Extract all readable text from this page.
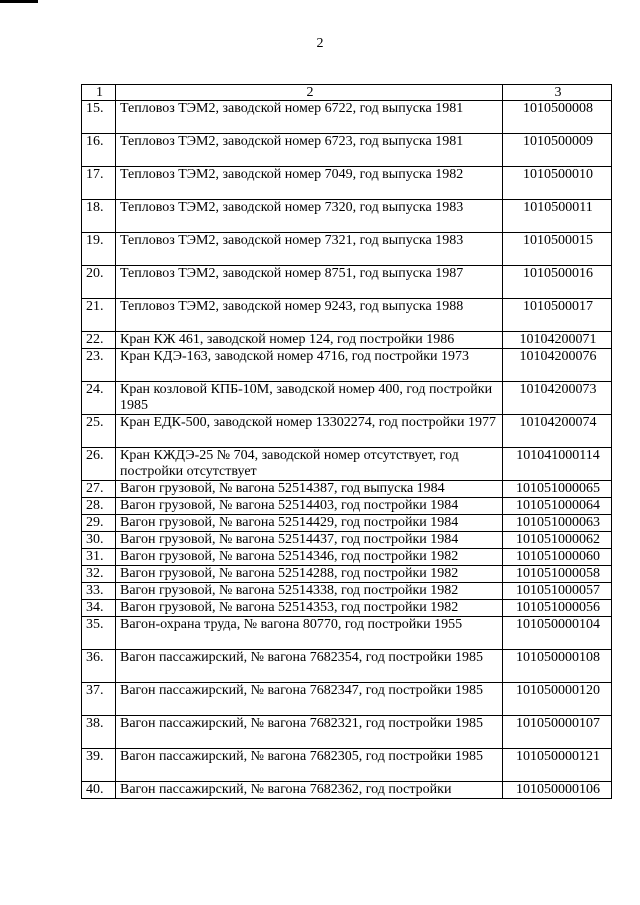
2
1	2	3
15.	Тепловоз ТЭМ2, заводской номер 6722, год выпуска 1981	1010500008
16.	Тепловоз ТЭМ2, заводской номер 6723, год выпуска 1981	1010500009
17.	Тепловоз ТЭМ2, заводской номер 7049, год выпуска 1982	1010500010
18.	Тепловоз ТЭМ2, заводской номер 7320, год выпуска 1983	1010500011
19.	Тепловоз ТЭМ2, заводской номер 7321, год выпуска 1983	1010500015
20.	Тепловоз ТЭМ2, заводской номер 8751, год выпуска 1987	1010500016
21.	Тепловоз ТЭМ2, заводской номер 9243, год выпуска 1988	1010500017
22.	Кран КЖ 461, заводской номер 124, год постройки 1986	10104200071
23.	Кран КДЭ-163, заводской номер 4716, год постройки 1973	10104200076
24.	Кран козловой КПБ-10М, заводской номер 400, год постройки 1985	10104200073
25.	Кран ЕДК-500, заводской номер 13302274, год постройки 1977	10104200074
26.	Кран КЖДЭ-25 № 704, заводской номер отсутствует, год постройки отсутствует	101041000114
27.	Вагон грузовой, № вагона 52514387, год выпуска 1984	101051000065
28.	Вагон грузовой, № вагона 52514403, год постройки 1984	101051000064
29.	Вагон грузовой, № вагона 52514429, год постройки 1984	101051000063
30.	Вагон грузовой, № вагона 52514437, год постройки 1984	101051000062
31.	Вагон грузовой, № вагона 52514346, год постройки 1982	101051000060
32.	Вагон грузовой, № вагона 52514288, год постройки 1982	101051000058
33.	Вагон грузовой, № вагона 52514338, год постройки 1982	101051000057
34.	Вагон грузовой, № вагона 52514353, год постройки 1982	101051000056
35.	Вагон-охрана труда, № вагона 80770, год постройки 1955	101050000104
36.	Вагон пассажирский, № вагона 7682354, год постройки 1985	101050000108
37.	Вагон пассажирский, № вагона 7682347, год постройки 1985	101050000120
38.	Вагон пассажирский, № вагона 7682321, год постройки 1985	101050000107
39.	Вагон пассажирский, № вагона 7682305, год постройки 1985	101050000121
40.	Вагон пассажирский, № вагона 7682362, год постройки	101050000106
